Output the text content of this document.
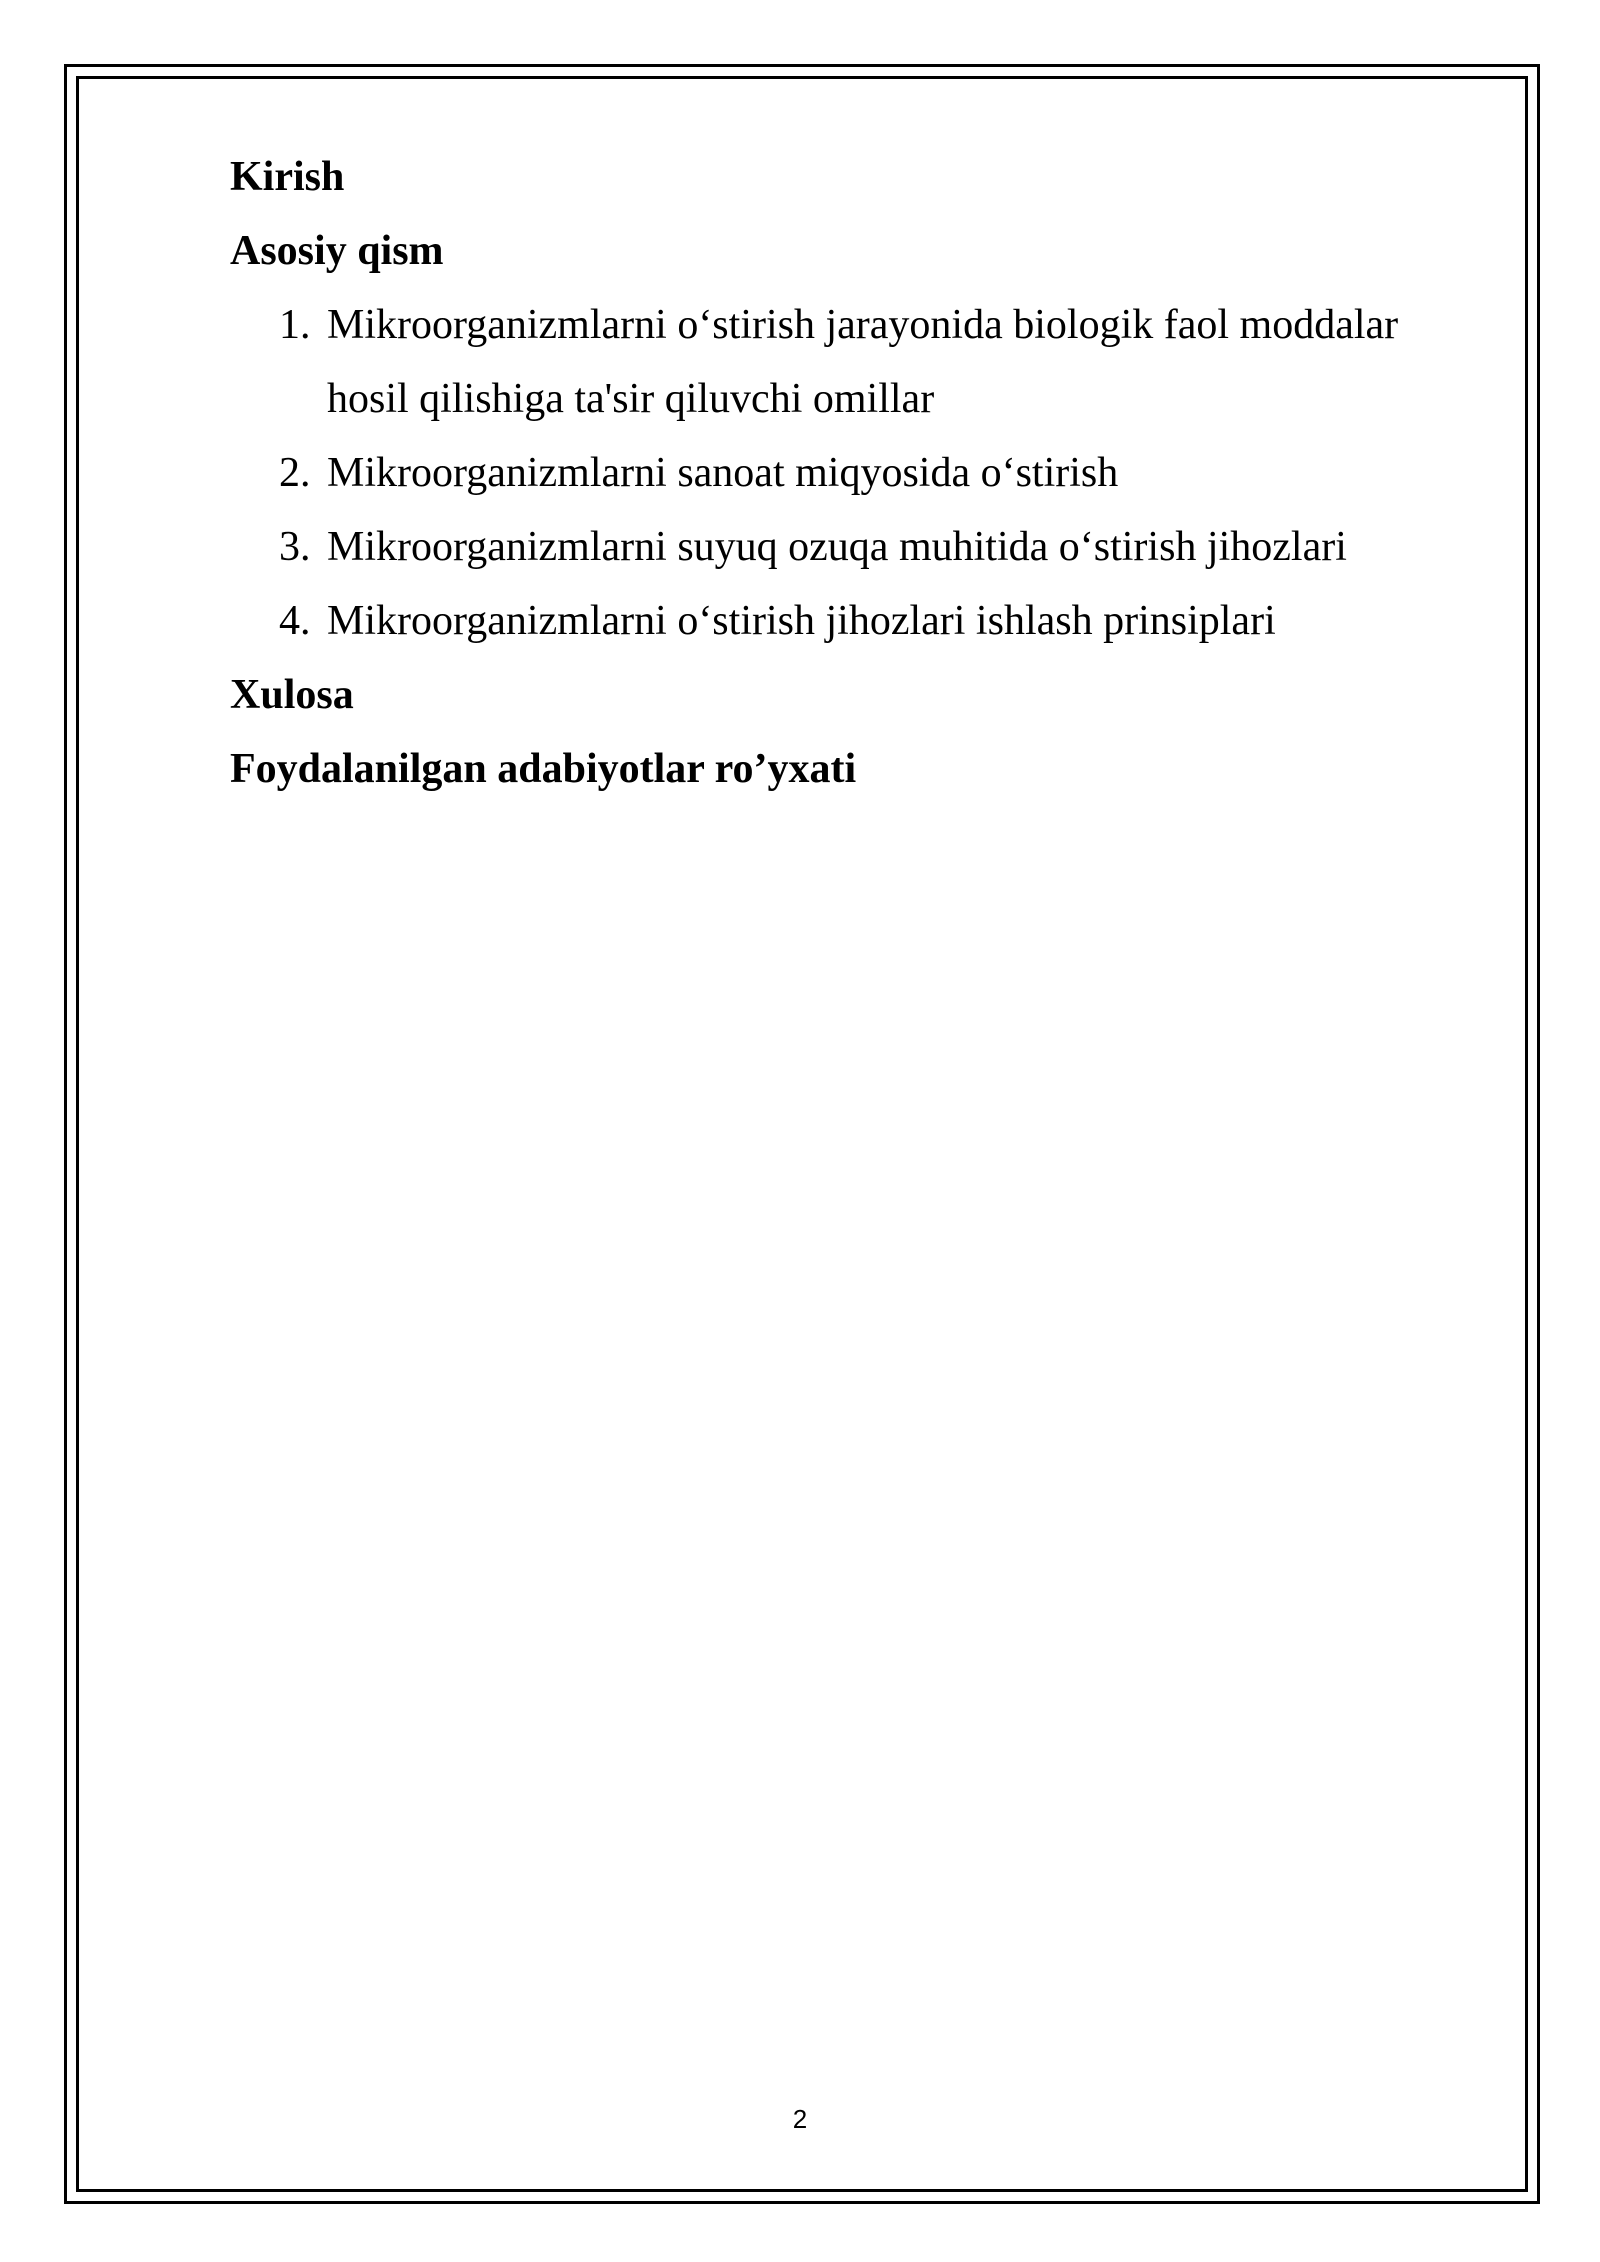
Kirish

Asosiy qism

1. Mikroorganizmlarni o‘stirish jarayonida biologik faol moddalar hosil qilishiga ta'sir qiluvchi omillar
2. Mikroorganizmlarni sanoat miqyosida o‘stirish
3. Mikroorganizmlarni suyuq ozuqa muhitida o‘stirish jihozlari
4. Mikroorganizmlarni o‘stirish jihozlari ishlash prinsiplari

Xulosa

Foydalanilgan adabiyotlar ro’yxati

2
